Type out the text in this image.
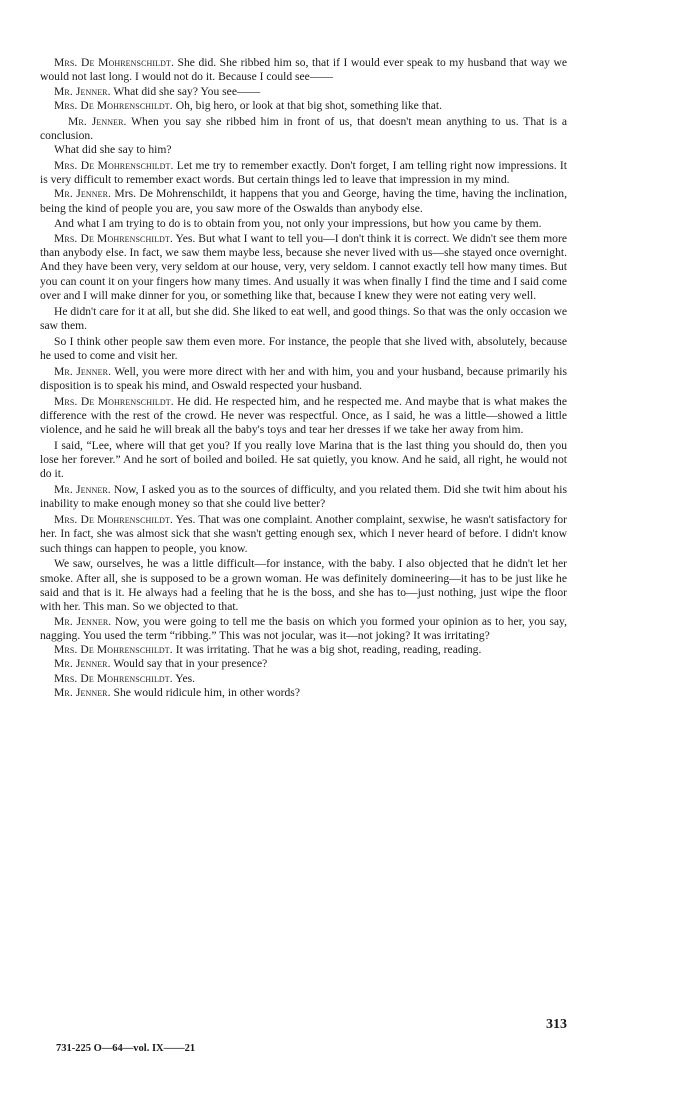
Mrs. De Mohrenschildt. She did. She ribbed him so, that if I would ever speak to my husband that way we would not last long. I would not do it. Because I could see——

Mr. Jenner. What did she say? You see——

Mrs. De Mohrenschildt. Oh, big hero, or look at that big shot, something like that.

Mr. Jenner. When you say she ribbed him in front of us, that doesn't mean anything to us. That is a conclusion.

What did she say to him?

Mrs. De Mohrenschildt. Let me try to remember exactly. Don't forget, I am telling right now impressions. It is very difficult to remember exact words. But certain things led to leave that impression in my mind.

Mr. Jenner. Mrs. De Mohrenschildt, it happens that you and George, having the time, having the inclination, being the kind of people you are, you saw more of the Oswalds than anybody else.

And what I am trying to do is to obtain from you, not only your impressions, but how you came by them.

Mrs. De Mohrenschildt. Yes. But what I want to tell you—I don't think it is correct. We didn't see them more than anybody else. In fact, we saw them maybe less, because she never lived with us—she stayed once overnight. And they have been very, very seldom at our house, very, very seldom. I cannot exactly tell how many times. But you can count it on your fingers how many times. And usually it was when finally I find the time and I said come over and I will make dinner for you, or something like that, because I knew they were not eating very well.

He didn't care for it at all, but she did. She liked to eat well, and good things. So that was the only occasion we saw them.

So I think other people saw them even more. For instance, the people that she lived with, absolutely, because he used to come and visit her.

Mr. Jenner. Well, you were more direct with her and with him, you and your husband, because primarily his disposition is to speak his mind, and Oswald respected your husband.

Mrs. De Mohrenschildt. He did. He respected him, and he respected me. And maybe that is what makes the difference with the rest of the crowd. He never was respectful. Once, as I said, he was a little—showed a little violence, and he said he will break all the baby's toys and tear her dresses if we take her away from him.

I said, “Lee, where will that get you? If you really love Marina that is the last thing you should do, then you lose her forever.” And he sort of boiled and boiled. He sat quietly, you know. And he said, all right, he would not do it.

Mr. Jenner. Now, I asked you as to the sources of difficulty, and you related them. Did she twit him about his inability to make enough money so that she could live better?

Mrs. De Mohrenschildt. Yes. That was one complaint. Another complaint, sexwise, he wasn't satisfactory for her. In fact, she was almost sick that she wasn't getting enough sex, which I never heard of before. I didn't know such things can happen to people, you know.

We saw, ourselves, he was a little difficult—for instance, with the baby. I also objected that he didn't let her smoke. After all, she is supposed to be a grown woman. He was definitely domineering—it has to be just like he said and that is it. He always had a feeling that he is the boss, and she has to—just nothing, just wipe the floor with her. This man. So we objected to that.

Mr. Jenner. Now, you were going to tell me the basis on which you formed your opinion as to her, you say, nagging. You used the term “ribbing.” This was not jocular, was it—not joking? It was irritating?

Mrs. De Mohrenschildt. It was irritating. That he was a big shot, reading, reading, reading.

Mr. Jenner. Would say that in your presence?

Mrs. De Mohrenschildt. Yes.

Mr. Jenner. She would ridicule him, in other words?

313
731-225 O—64—vol. IX——21
